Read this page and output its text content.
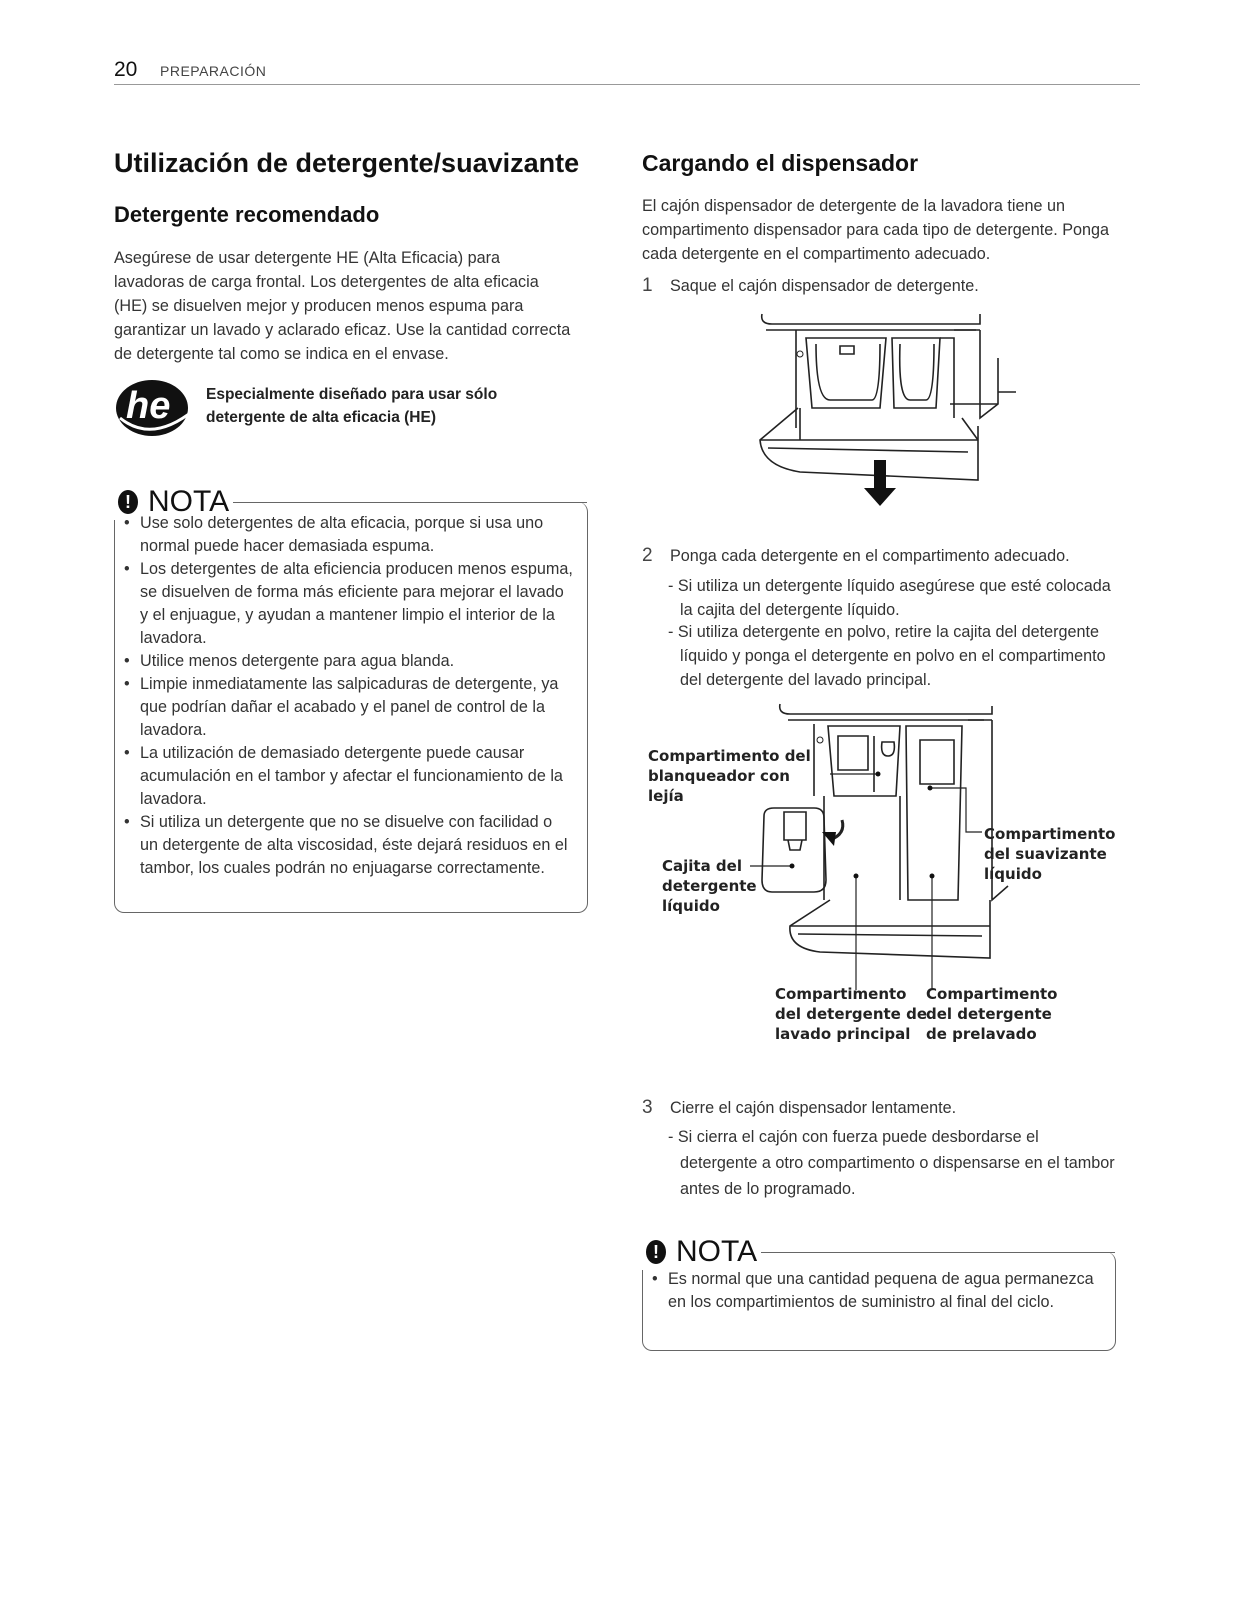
20 PREPARACIÓN
Utilización de detergente/suavizante
Detergente recomendado

Asegúrese de usar detergente HE (Alta Eficacia) para lavadoras de carga frontal. Los detergentes de alta eficacia (HE) se disuelven mejor y producen menos espuma para garantizar un lavado y aclarado eficaz. Use la cantidad correcta de detergente tal como se indica en el envase.

he Especialmente diseñado para usar sólo
detergente de alta eficacia (HE)
! NOTA
• Use solo detergentes de alta eficacia, porque si usa uno normal puede hacer demasiada espuma.
• Los detergentes de alta eficiencia producen menos espuma, se disuelven de forma más eficiente para mejorar el lavado y el enjuague, y ayudan a mantener limpio el interior de la lavadora.
• Utilice menos detergente para agua blanda.
• Limpie inmediatamente las salpicaduras de detergente, ya que podrían dañar el acabado y el panel de control de la lavadora.
• La utilización de demasiado detergente puede causar acumulación en el tambor y afectar el funcionamiento de la lavadora.
• Si utiliza un detergente que no se disuelve con facilidad o un detergente de alta viscosidad, éste dejará residuos en el tambor, los cuales podrán no enjuagarse correctamente.
Cargando el dispensador

El cajón dispensador de detergente de la lavadora tiene un compartimento dispensador para cada tipo de detergente. Ponga cada detergente en el compartimento adecuado.

1 Saque el cajón dispensador de detergente.
2 Ponga cada detergente en el compartimento adecuado.
- Si utiliza un detergente líquido asegúrese que esté colocada la cajita del detergente líquido.
- Si utiliza detergente en polvo, retire la cajita del detergente líquido y ponga el detergente en polvo en el compartimento del detergente del lavado principal.
Compartimento del
blanqueador con
lejía
Cajita del
detergente
líquido
Compartimento
del suavizante
líquido
Compartimento
del detergente de
lavado principal
Compartimento
del detergente
de prelavado
3 Cierre el cajón dispensador lentamente.
- Si cierra el cajón con fuerza puede desbordarse el detergente a otro compartimento o dispensarse en el tambor antes de lo programado.
! NOTA
• Es normal que una cantidad pequena de agua permanezca en los compartimientos de suministro al final del ciclo.
